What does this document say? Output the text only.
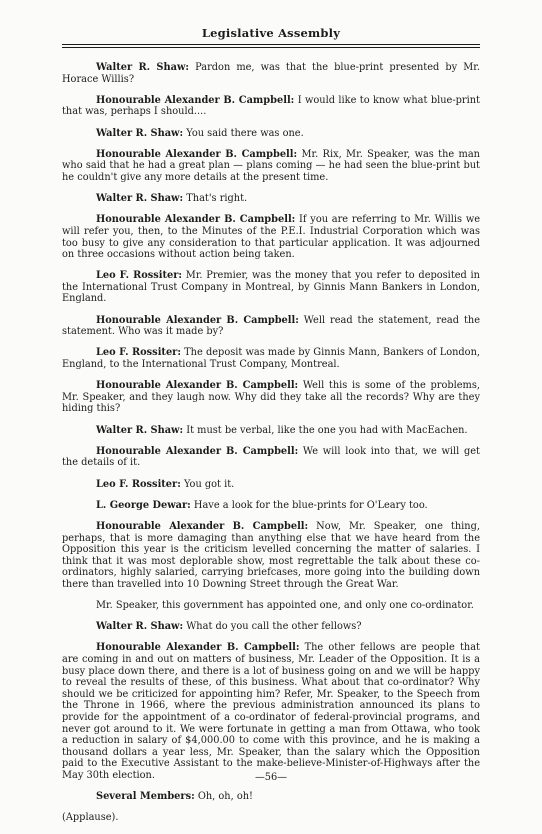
Legislative Assembly

Walter R. Shaw: Pardon me, was that the blue-print presented by Mr. Horace Willis?

Honourable Alexander B. Campbell: I would like to know what blue-print that was, perhaps I should....

Walter R. Shaw: You said there was one.

Honourable Alexander B. Campbell: Mr. Rix, Mr. Speaker, was the man who said that he had a great plan — plans coming — he had seen the blue-print but he couldn't give any more details at the present time.

Walter R. Shaw: That's right.

Honourable Alexander B. Campbell: If you are referring to Mr. Willis we will refer you, then, to the Minutes of the P.E.I. Industrial Corporation which was too busy to give any consideration to that particular application. It was adjourned on three occasions without action being taken.

Leo F. Rossiter: Mr. Premier, was the money that you refer to deposited in the International Trust Company in Montreal, by Ginnis Mann Bankers in London, England.

Honourable Alexander B. Campbell: Well read the statement, read the statement. Who was it made by?

Leo F. Rossiter: The deposit was made by Ginnis Mann, Bankers of London, England, to the International Trust Company, Montreal.

Honourable Alexander B. Campbell: Well this is some of the problems, Mr. Speaker, and they laugh now. Why did they take all the records? Why are they hiding this?

Walter R. Shaw: It must be verbal, like the one you had with MacEachen.

Honourable Alexander B. Campbell: We will look into that, we will get the details of it.

Leo F. Rossiter: You got it.

L. George Dewar: Have a look for the blue-prints for O'Leary too.

Honourable Alexander B. Campbell: Now, Mr. Speaker, one thing, perhaps, that is more damaging than anything else that we have heard from the Opposition this year is the criticism levelled concerning the matter of salaries. I think that it was most deplorable show, most regrettable the talk about these co-ordinators, highly salaried, carrying briefcases, more going into the building down there than travelled into 10 Downing Street through the Great War.

Mr. Speaker, this government has appointed one, and only one co-ordinator.

Walter R. Shaw: What do you call the other fellows?

Honourable Alexander B. Campbell: The other fellows are people that are coming in and out on matters of business, Mr. Leader of the Opposition. It is a busy place down there, and there is a lot of business going on and we will be happy to reveal the results of these, of this business. What about that co-ordinator? Why should we be criticized for appointing him? Refer, Mr. Speaker, to the Speech from the Throne in 1966, where the previous administration announced its plans to provide for the appointment of a co-ordinator of federal-provincial programs, and never got around to it. We were fortunate in getting a man from Ottawa, who took a reduction in salary of $4,000.00 to come with this province, and he is making a thousand dollars a year less, Mr. Speaker, than the salary which the Opposition paid to the Executive Assistant to the make-believe-Minister-of-Highways after the May 30th election.

Several Members: Oh, oh, oh!

(Applause).

—56—
